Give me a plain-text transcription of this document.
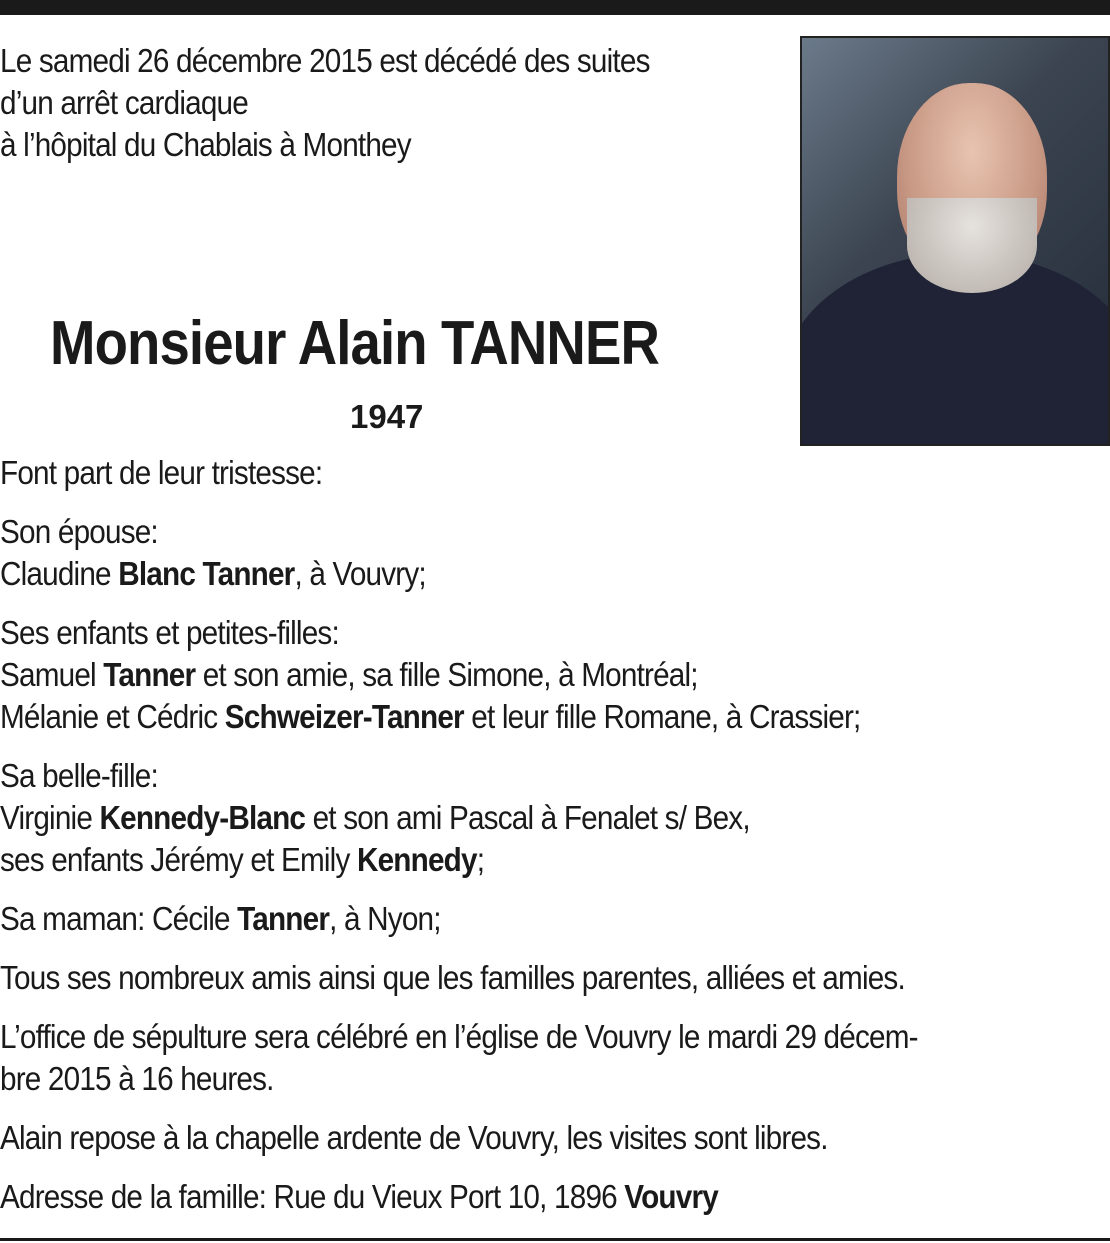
Le samedi 26 décembre 2015 est décédé des suites
d’un arrêt cardiaque
à l’hôpital du Chablais à Monthey
Monsieur Alain TANNER
1947
Font part de leur tristesse:
Son épouse:
Claudine Blanc Tanner, à Vouvry;
Ses enfants et petites-filles:
Samuel Tanner et son amie, sa fille Simone, à Montréal;
Mélanie et Cédric Schweizer-Tanner et leur fille Romane, à Crassier;
Sa belle-fille:
Virginie Kennedy-Blanc et son ami Pascal à Fenalet s/ Bex,
ses enfants Jérémy et Emily Kennedy;
Sa maman: Cécile Tanner, à Nyon;
Tous ses nombreux amis ainsi que les familles parentes, alliées et amies.
L’office de sépulture sera célébré en l’église de Vouvry le mardi 29 décem-
bre 2015 à 16 heures.
Alain repose à la chapelle ardente de Vouvry, les visites sont libres.
Adresse de la famille: Rue du Vieux Port 10, 1896 Vouvry
